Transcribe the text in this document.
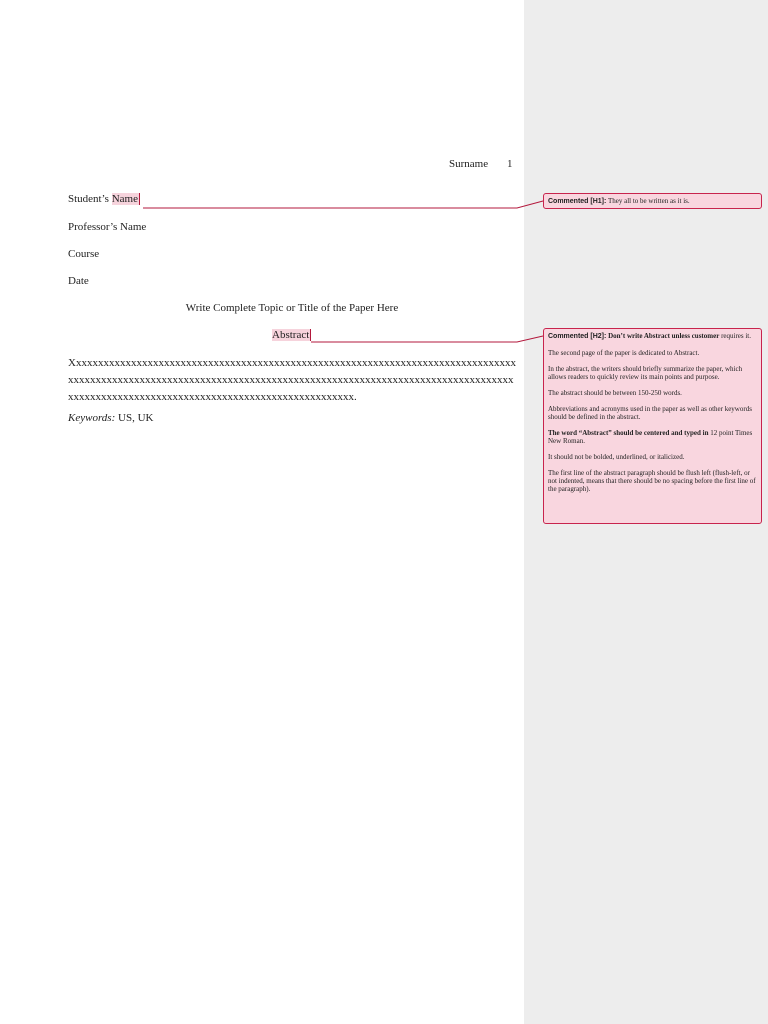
Surname 1
Student’s Name
Professor’s Name
Course
Date
Write Complete Topic or Title of the Paper Here
Abstract
Xxxxxxxxxxxxxxxxxxxxxxxxxxxxxxxxxxxxxxxxxxxxxxxxxxxxxxxxxxxxxxxxxxxxxxxxxxxxxxxxxxxxxxxxxxxxxxxxxxxxxxxxxxxxxxxxxxxxxxxxxxxxxxxxxxxxxxxxxxxxxxxxxxxxxxxxxxxxxxxxxxxxxxxxxxxxxxxxxxxxxxxxxxxxxxxxxxxxxxxxxxxxxxxxxxxxxx.
Keywords: US, UK
Commented [H1]: They all to be written as it is.

Commented [H2]: Don’t write Abstract unless customer requires it.

The second page of the paper is dedicated to Abstract.

In the abstract, the writers should briefly summarize the paper, which allows readers to quickly review its main points and purpose.

The abstract should be between 150-250 words.

Abbreviations and acronyms used in the paper as well as other keywords should be defined in the abstract.

The word “Abstract” should be centered and typed in 12 point Times New Roman.

It should not be bolded, underlined, or italicized.

The first line of the abstract paragraph should be flush left (flush-left, or not indented, means that there should be no spacing before the first line of the paragraph).
